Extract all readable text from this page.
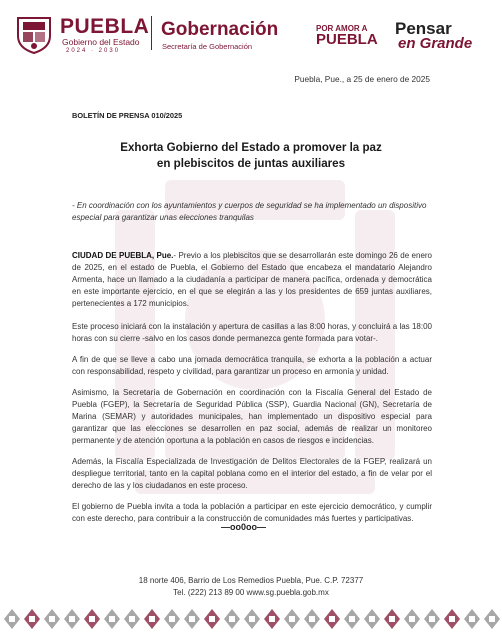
PUEBLA
Gobierno del Estado
2024 · 2030
Gobernación
Secretaría de Gobernación
POR AMOR A
PUEBLA
Pensar
en Grande
Puebla, Pue., a 25 de enero de 2025
BOLETÍN DE PRENSA 010/2025
Exhorta Gobierno del Estado a promover la paz en plebiscitos de juntas auxiliares
- En coordinación con los ayuntamientos y cuerpos de seguridad se ha implementado un dispositivo especial para garantizar unas elecciones tranquilas

CIUDAD DE PUEBLA, Pue.- Previo a los plebiscitos que se desarrollarán este domingo 26 de enero de 2025, en el estado de Puebla, el Gobierno del Estado que encabeza el mandatario Alejandro Armenta, hace un llamado a la ciudadanía a participar de manera pacífica, ordenada y democrática en este importante ejercicio, en el que se elegirán a las y los presidentes de 659 juntas auxiliares, pertenecientes a 172 municipios.

Este proceso iniciará con la instalación y apertura de casillas a las 8:00 horas, y concluirá a las 18:00 horas con su cierre -salvo en los casos donde permanezca gente formada para votar-.

A fin de que se lleve a cabo una jornada democrática tranquila, se exhorta a la población a actuar con responsabilidad, respeto y civilidad, para garantizar un proceso en armonía y unidad.

Asimismo, la Secretaría de Gobernación en coordinación con la Fiscalía General del Estado de Puebla (FGEP), la Secretaría de Seguridad Pública (SSP), Guardia Nacional (GN), Secretaría de Marina (SEMAR) y autoridades municipales, han implementado un dispositivo especial para garantizar que las elecciones se desarrollen en paz social, además de realizar un monitoreo permanente y de atención oportuna a la población en casos de riesgos e incidencias.

Además, la Fiscalía Especializada de Investigación de Delitos Electorales de la FGEP, realizará un despliegue territorial, tanto en la capital poblana como en el interior del estado, a fin de velar por el derecho de las y los ciudadanos en este proceso.

El gobierno de Puebla invita a toda la población a participar en este ejercicio democrático, y cumplir con este derecho, para contribuir a la construcción de comunidades más fuertes y participativas.

—oo0oo—
18 norte 406, Barrio de Los Remedios Puebla, Pue. C.P. 72377
Tel. (222) 213 89 00 www.sg.puebla.gob.mx
